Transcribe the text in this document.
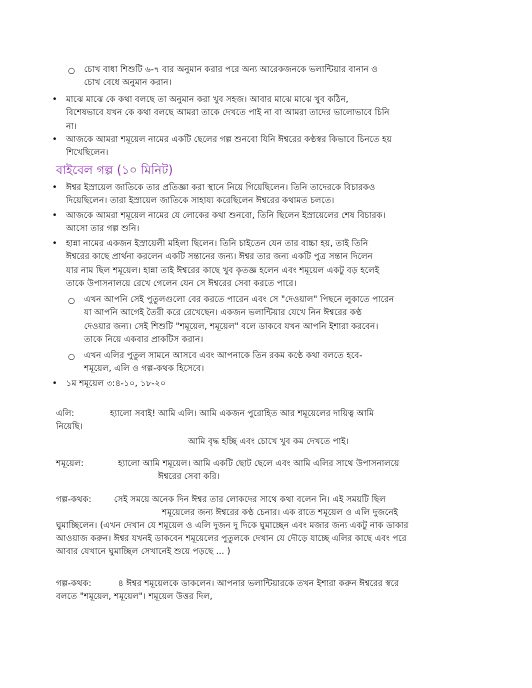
○ চোখ বাধা শিশুটি ৬-৭ বার অনুমান করার পরে অন্য আরেকজনকে ভলান্টিয়ার বানান ও
চোখ বেধে অনুমান করান।
• মাঝে মাঝে কে কথা বলছে তা অনুমান করা খুব সহজ। আবার মাঝে মাঝে খুব কঠিন,
বিশেষভাবে যখন কে কথা বলছে আমরা তাকে দেখতে পাই না বা আমরা তাদের ভালোভাবে চিনি
না।
• আজকে আমরা শমূয়েল নামের একটি ছেলের গল্প শুনবো যিনি ঈশ্বরের কণ্ঠস্বর কিভাবে চিনতে হয়
শিখেছিলেন।
বাইবেল গল্প (১০ মিনিট)
• ঈশ্বর ইস্রায়েল জাতিকে তার প্রতিজ্ঞা করা স্থানে নিয়ে গিয়েছিলেন। তিনি তাদেরকে বিচারকও
দিয়েছিলেন। তারা ইস্রায়েল জাতিকে সাহায্য করেছিলেন ঈশ্বরের কথামত চলতে।
• আজকে আমরা শমূয়েল নামের যে লোকের কথা শুনবো, তিনি ছিলেন ইস্রায়েলের শেষ বিচারক।
আসো তার গল্প শুনি।
• হান্না নামের একজন ইস্রায়েলী মহিলা ছিলেন। তিনি চাইতেন যেন তার বাচ্চা হয়, তাই তিনি
ঈশ্বরের কাছে প্রার্থনা করলেন একটি সন্তানের জন্য। ঈশ্বর তার জন্য একটি পুত্র সন্তান দিলেন
যার নাম ছিল শমূয়েল। হান্না তাই ঈশ্বরের কাছে খুব কৃতজ্ঞ হলেন এবং শমূয়েল একটু বড় হলেই
তাকে উপাসনালয়ে রেখে গেলেন যেন সে ঈশ্বরের সেবা করতে পারে।
○ এখন আপনি সেই পুতুলগুলো বের করতে পারেন এবং সে "দেওয়াল" পিছনে লুকাতে পারেন
যা আপনি আগেই তৈরী করে রেখেছেন। একজন ভলান্টিয়ার যেখে নিন ঈশ্বরের কণ্ঠ
দেওয়ার জন্য। সেই শিশুটি "শমূয়েল, শমূয়েল" বলে ডাকবে যখন আপনি ইশারা করবেন।
তাকে নিয়ে একবার প্রাকটিস করান।
○ এখন এলির পুতুল সামনে আসবে এবং আপনাকে তিন রকম কণ্ঠে কথা বলতে হবে-
শমূয়েল, এলি ও গল্প-কথক হিসেবে।
• ১ম শমূয়েল ৩:৪-১০, ১৮-২০
এলি:	হ্যালো সবাই! আমি এলি। আমি একজন পুরোহিত আর শমূয়েলের দায়িত্ব আমি
নিয়েছি।
আমি বৃদ্ধ হচ্ছি এবং চোখে খুব কম দেখতে পাই।
শমূয়েল:	হ্যালো আমি শমূয়েল। আমি একটি ছোট ছেলে এবং আমি এলির সাথে উপাসনালয়ে
ঈশ্বরের সেবা করি।
গল্প-কথক:	সেই সময়ে অনেক দিন ঈশ্বর তার লোকদের সাথে কথা বলেন নি। এই সময়টি ছিল
শমূয়েলের জন্য ঈশ্বরের কণ্ঠ চেনার। এক রাতে শমূয়েল ও এলি দুজনেই
ঘুমাচ্ছিলেন। (এখন দেখান যে শমূয়েল ও এলি দুজন দু দিকে ঘুমাচ্ছেন এবং মজার জন্য একটু নাক ডাকার
আওয়াজ করুন। ঈশ্বর যখনই ডাকবেন শমূয়েলের পুতুলকে দেখান যে দৌড়ে যাচ্ছে এলির কাছে এবং পরে
আবার যেখানে ঘুমাচ্ছিল সেখানেই শুয়ে পড়ছে ... )
গল্প-কথক:	৪ ঈশ্বর শমূয়েলকে ডাকলেন। আপনার ভলান্টিয়ারকে তখন ইশারা করুন ঈশ্বরের স্বরে
বলতে "শমূয়েল, শমূয়েল"। শমূয়েল উত্তর দিল,
